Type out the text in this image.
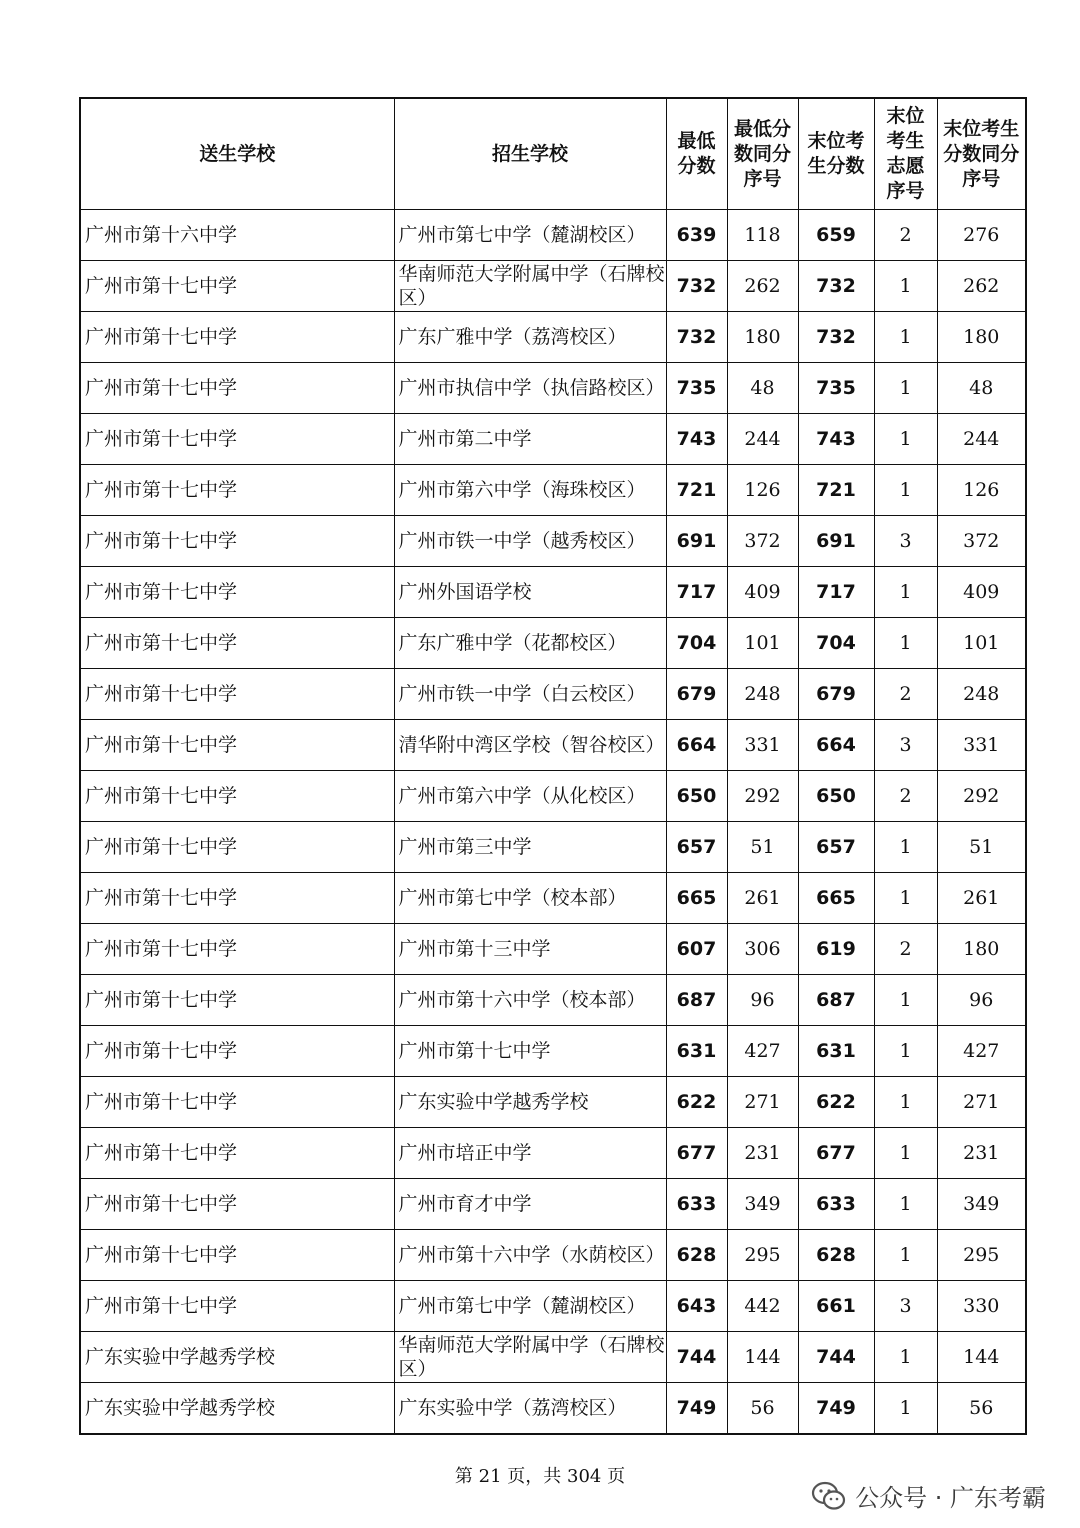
送生学校	招生学校	最低分数	最低分数同分序号	末位考生分数	末位考生志愿序号	末位考生分数同分序号

广州市第十六中学	广州市第七中学（麓湖校区）	639	118	659	2	276
广州市第十七中学	华南师范大学附属中学（石牌校区）	732	262	732	1	262
广州市第十七中学	广东广雅中学（荔湾校区）	732	180	732	1	180
广州市第十七中学	广州市执信中学（执信路校区）	735	48	735	1	48
广州市第十七中学	广州市第二中学	743	244	743	1	244
广州市第十七中学	广州市第六中学（海珠校区）	721	126	721	1	126
广州市第十七中学	广州市铁一中学（越秀校区）	691	372	691	3	372
广州市第十七中学	广州外国语学校	717	409	717	1	409
广州市第十七中学	广东广雅中学（花都校区）	704	101	704	1	101
广州市第十七中学	广州市铁一中学（白云校区）	679	248	679	2	248
广州市第十七中学	清华附中湾区学校（智谷校区）	664	331	664	3	331
广州市第十七中学	广州市第六中学（从化校区）	650	292	650	2	292
广州市第十七中学	广州市第三中学	657	51	657	1	51
广州市第十七中学	广州市第七中学（校本部）	665	261	665	1	261
广州市第十七中学	广州市第十三中学	607	306	619	2	180
广州市第十七中学	广州市第十六中学（校本部）	687	96	687	1	96
广州市第十七中学	广州市第十七中学	631	427	631	1	427
广州市第十七中学	广东实验中学越秀学校	622	271	622	1	271
广州市第十七中学	广州市培正中学	677	231	677	1	231
广州市第十七中学	广州市育才中学	633	349	633	1	349
广州市第十七中学	广州市第十六中学（水荫校区）	628	295	628	1	295
广州市第十七中学	广州市第七中学（麓湖校区）	643	442	661	3	330
广东实验中学越秀学校	华南师范大学附属中学（石牌校区）	744	144	744	1	144
广东实验中学越秀学校	广东实验中学（荔湾校区）	749	56	749	1	56
第 21 页，共 304 页
公众号 · 广东考霸
